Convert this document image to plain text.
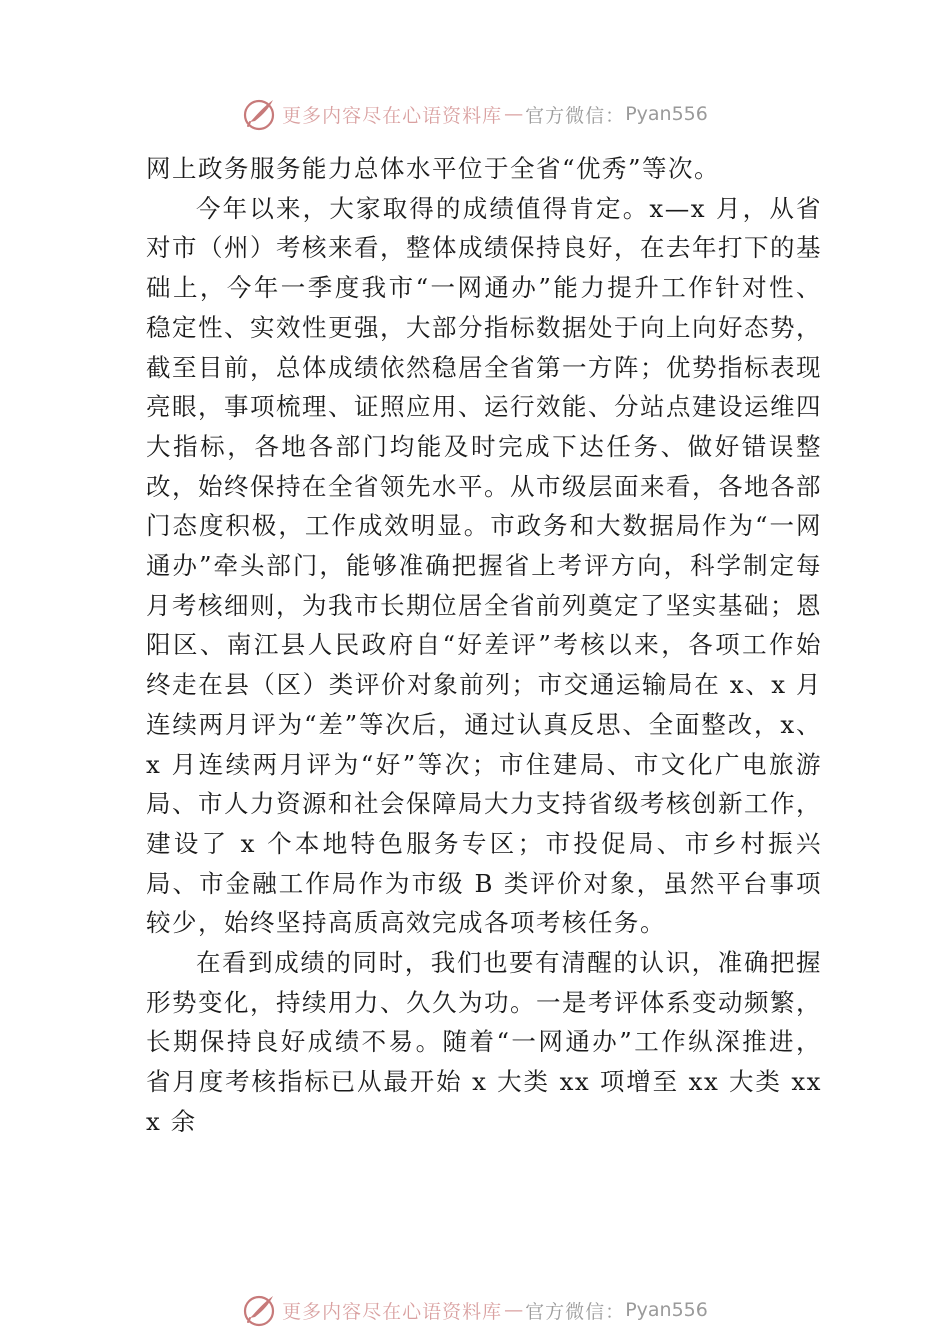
更多内容尽在心语资料库 — 官方微信： Pyan556

网上政务服务能力总体水平位于全省“优秀”等次。

今年以来，大家取得的成绩值得肯定。x—x 月，从省对市（州）考核来看，整体成绩保持良好，在去年打下的基础上，今年一季度我市“一网通办”能力提升工作针对性、稳定性、实效性更强，大部分指标数据处于向上向好态势，截至目前，总体成绩依然稳居全省第一方阵；优势指标表现亮眼，事项梳理、证照应用、运行效能、分站点建设运维四大指标，各地各部门均能及时完成下达任务、做好错误整改，始终保持在全省领先水平。从市级层面来看，各地各部门态度积极，工作成效明显。市政务和大数据局作为“一网通办”牵头部门，能够准确把握省上考评方向，科学制定每月考核细则，为我市长期位居全省前列奠定了坚实基础；恩阳区、南江县人民政府自“好差评”考核以来，各项工作始终走在县（区）类评价对象前列；市交通运输局在 x、x 月连续两月评为“差”等次后，通过认真反思、全面整改，x、x 月连续两月评为“好”等次；市住建局、市文化广电旅游局、市人力资源和社会保障局大力支持省级考核创新工作，建设了 x 个本地特色服务专区；市投促局、市乡村振兴局、市金融工作局作为市级 B 类评价对象，虽然平台事项较少，始终坚持高质高效完成各项考核任务。

在看到成绩的同时，我们也要有清醒的认识，准确把握形势变化，持续用力、久久为功。一是考评体系变动频繁，长期保持良好成绩不易。随着“一网通办”工作纵深推进，省月度考核指标已从最开始 x 大类 xx 项增至 xx 大类 xxx 余

更多内容尽在心语资料库 — 官方微信： Pyan556
